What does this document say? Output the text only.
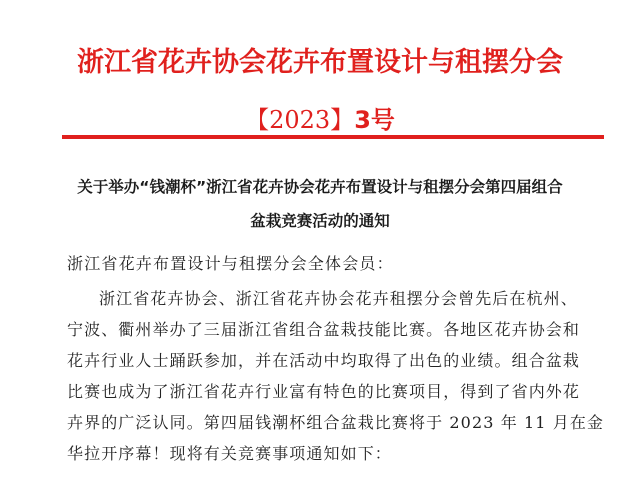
浙江省花卉协会花卉布置设计与租摆分会
【2023】3号
关于举办“钱潮杯”浙江省花卉协会花卉布置设计与租摆分会第四届组合
盆栽竞赛活动的通知
浙江省花卉布置设计与租摆分会全体会员：
浙江省花卉协会、浙江省花卉协会花卉租摆分会曾先后在杭州、
宁波、衢州举办了三届浙江省组合盆栽技能比赛。各地区花卉协会和
花卉行业人士踊跃参加，并在活动中均取得了出色的业绩。组合盆栽
比赛也成为了浙江省花卉行业富有特色的比赛项目，得到了省内外花
卉界的广泛认同。第四届钱潮杯组合盆栽比赛将于 2023 年 11 月在金
华拉开序幕！现将有关竞赛事项通知如下：
